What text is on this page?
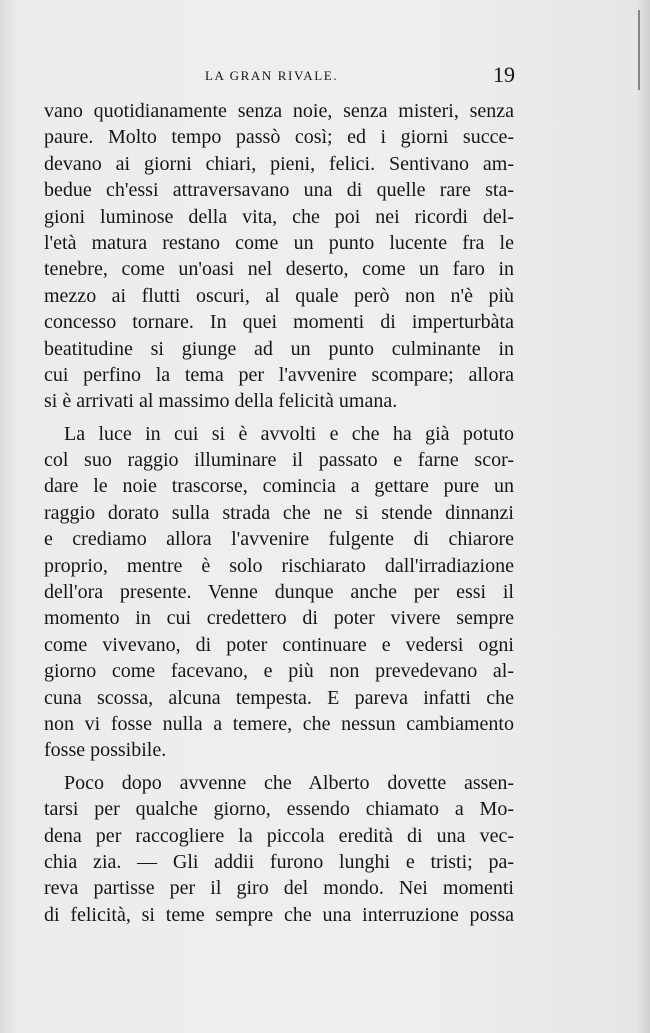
LA GRAN RIVALE.	19
vano quotidianamente senza noie, senza misteri, senza
paure. Molto tempo passò così; ed i giorni succe-
devano ai giorni chiari, pieni, felici. Sentivano am-
bedue ch'essi attraversavano una di quelle rare sta-
gioni luminose della vita, che poi nei ricordi del-
l'età matura restano come un punto lucente fra le
tenebre, come un'oasi nel deserto, come un faro in
mezzo ai flutti oscuri, al quale però non n'è più
concesso tornare. In quei momenti di imperturbàta
beatitudine si giunge ad un punto culminante in
cui perfino la tema per l'avvenire scompare; allora
si è arrivati al massimo della felicità umana.
La luce in cui si è avvolti e che ha già potuto
col suo raggio illuminare il passato e farne scor-
dare le noie trascorse, comincia a gettare pure un
raggio dorato sulla strada che ne si stende dinnanzi
e crediamo allora l'avvenire fulgente di chiarore
proprio, mentre è solo rischiarato dall'irradiazione
dell'ora presente. Venne dunque anche per essi il
momento in cui credettero di poter vivere sempre
come vivevano, di poter continuare e vedersi ogni
giorno come facevano, e più non prevedevano al-
cuna scossa, alcuna tempesta. E pareva infatti che
non vi fosse nulla a temere, che nessun cambiamento
fosse possibile.
Poco dopo avvenne che Alberto dovette assen-
tarsi per qualche giorno, essendo chiamato a Mo-
dena per raccogliere la piccola eredità di una vec-
chia zia. — Gli addii furono lunghi e tristi; pa-
reva partisse per il giro del mondo. Nei momenti
di felicità, si teme sempre che una interruzione possa
